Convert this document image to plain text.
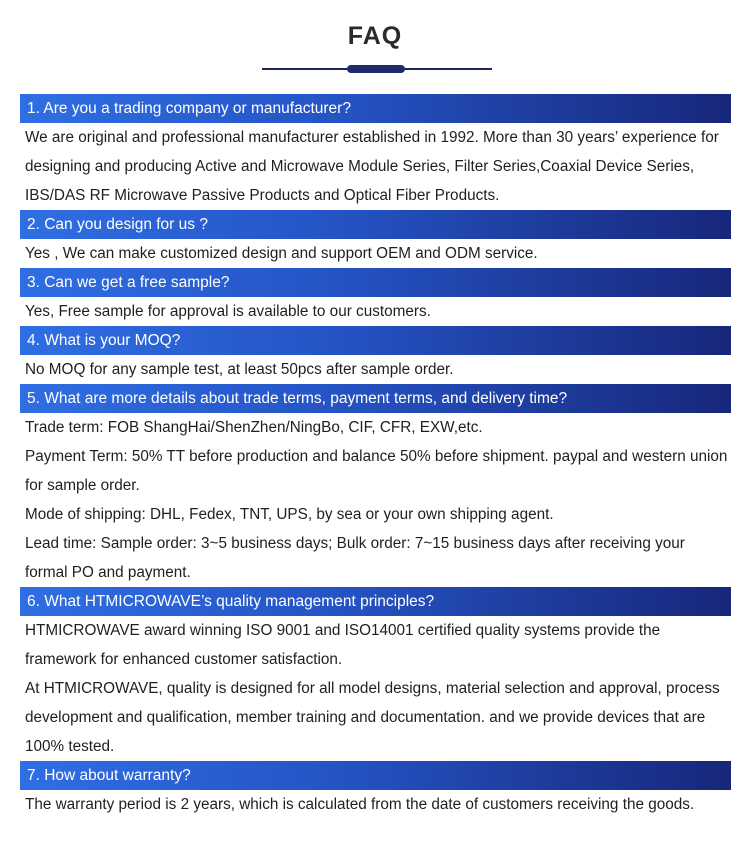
FAQ
1. Are you a trading company or manufacturer?

We are original and professional manufacturer established in 1992. More than 30 years’ experience for designing and producing Active and Microwave Module Series, Filter Series,Coaxial Device Series, IBS/DAS RF Microwave Passive Products and Optical Fiber Products.

2. Can you design for us ?

Yes , We can make customized design and support OEM and ODM service.

3. Can we get a free sample?

Yes, Free sample for approval is available to our customers.

4. What is your MOQ?

No MOQ for any sample test, at least 50pcs after sample order.

5. What are more details about trade terms, payment terms, and delivery time?

Trade term: FOB ShangHai/ShenZhen/NingBo, CIF, CFR, EXW,etc.

Payment Term: 50% TT before production and balance 50% before shipment. paypal and western union for sample order.

Mode of shipping: DHL, Fedex, TNT, UPS, by sea or your own shipping agent.

Lead time: Sample order: 3~5 business days; Bulk order: 7~15 business days after receiving your formal PO and payment.

6. What HTMICROWAVE’s quality management principles?

HTMICROWAVE award winning ISO 9001 and ISO14001 certified quality systems provide the framework for enhanced customer satisfaction.

At HTMICROWAVE, quality is designed for all model designs, material selection and approval, process development and qualification, member training and documentation. and we provide devices that are 100% tested.

7. How about warranty?

The warranty period is 2 years, which is calculated from the date of customers receiving the goods.
